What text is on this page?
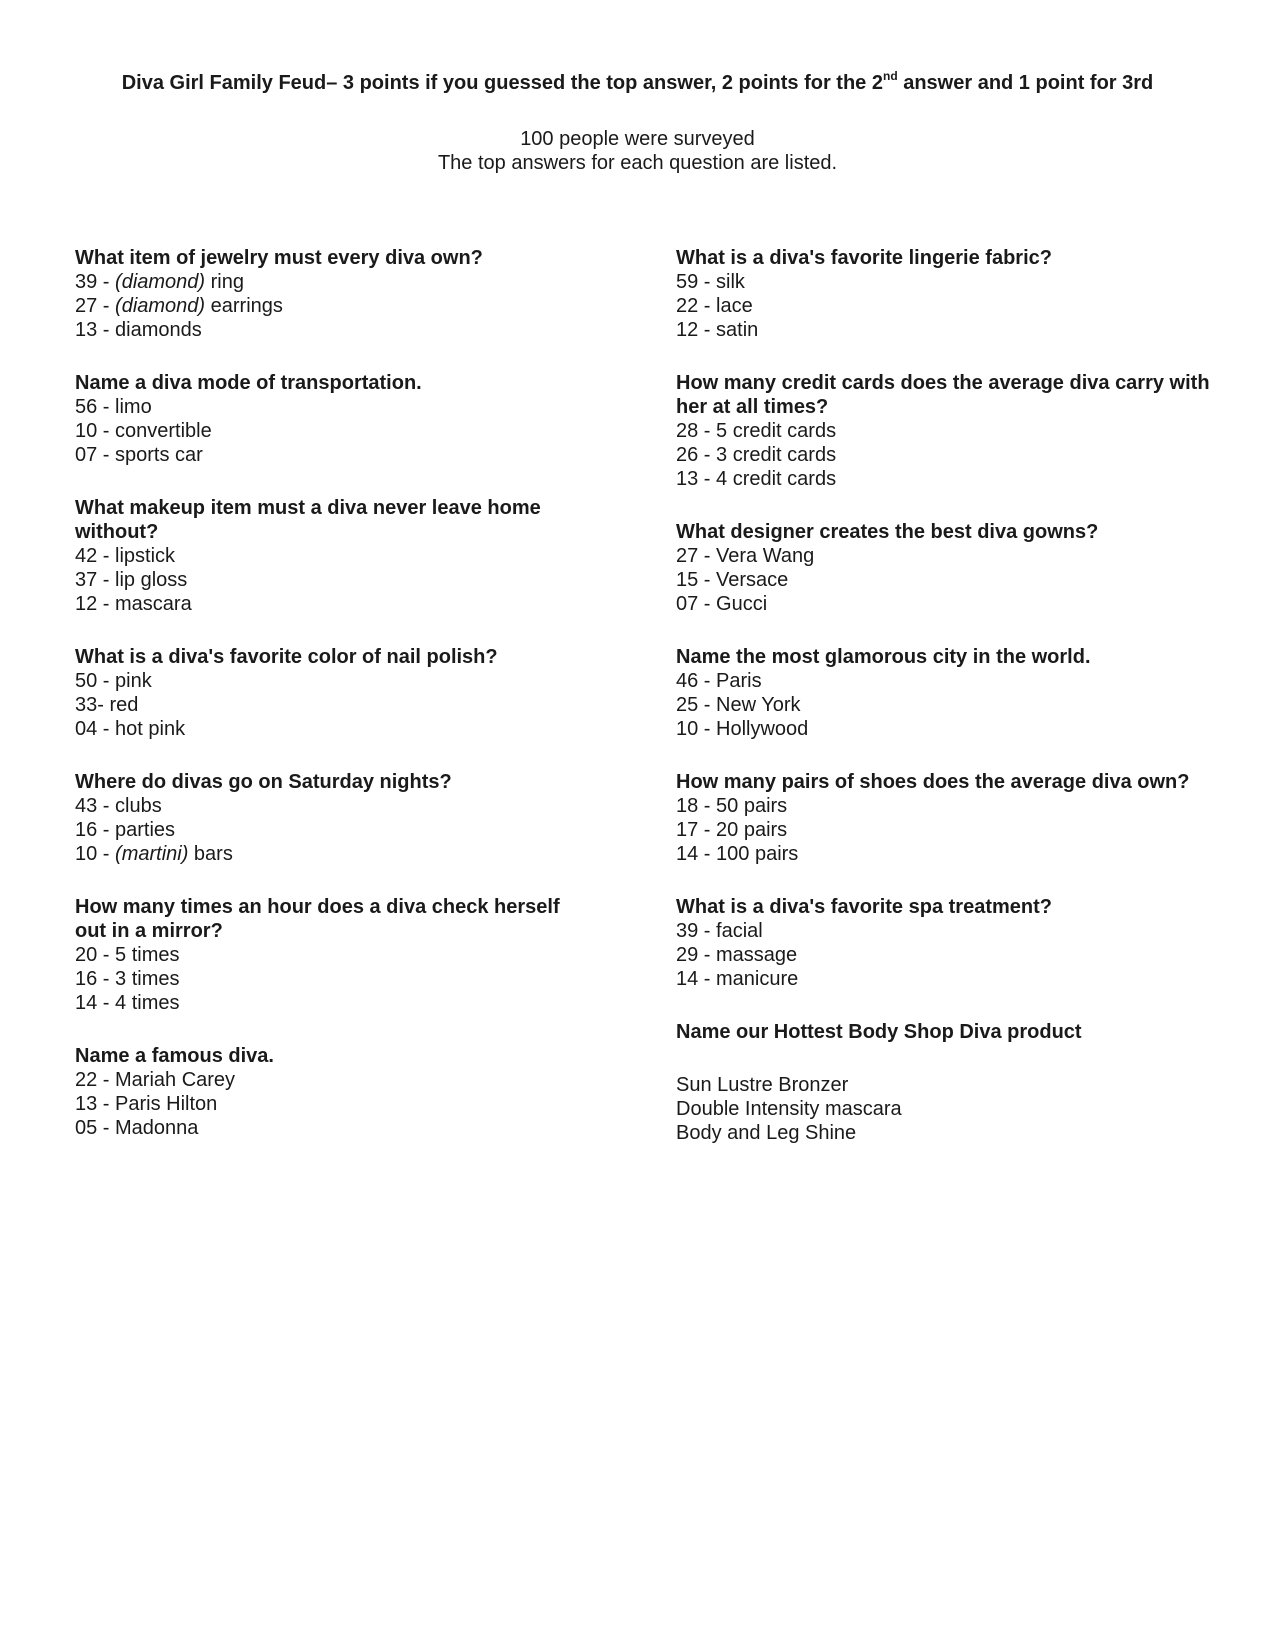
Diva Girl Family Feud– 3 points if you guessed the top answer, 2 points for the 2nd answer and 1 point for 3rd
100 people were surveyed
The top answers for each question are listed.
What item of jewelry must every diva own?
39 - (diamond) ring
27 - (diamond) earrings
13 - diamonds
Name a diva mode of transportation.
56 - limo
10 - convertible
07 - sports car
What makeup item must a diva never leave home without?
42 - lipstick
37 - lip gloss
12 - mascara
What is a diva's favorite color of nail polish?
50 - pink
33- red
04 - hot pink
Where do divas go on Saturday nights?
43 - clubs
16 - parties
10 - (martini) bars
How many times an hour does a diva check herself out in a mirror?
20 - 5 times
16 - 3 times
14 - 4 times
Name a famous diva.
22 - Mariah Carey
13 - Paris Hilton
05 - Madonna
What is a diva's favorite lingerie fabric?
59 - silk
22 - lace
12 - satin
How many credit cards does the average diva carry with her at all times?
28 - 5 credit cards
26 - 3 credit cards
13 - 4 credit cards
What designer creates the best diva gowns?
27 - Vera Wang
15 - Versace
07 - Gucci
Name the most glamorous city in the world.
46 - Paris
25 - New York
10 - Hollywood
How many pairs of shoes does the average diva own?
18 - 50 pairs
17 - 20 pairs
14 - 100 pairs
What is a diva's favorite spa treatment?
39 - facial
29 - massage
14 - manicure
Name our Hottest Body Shop Diva product
Sun Lustre Bronzer
Double Intensity mascara
Body and Leg Shine
